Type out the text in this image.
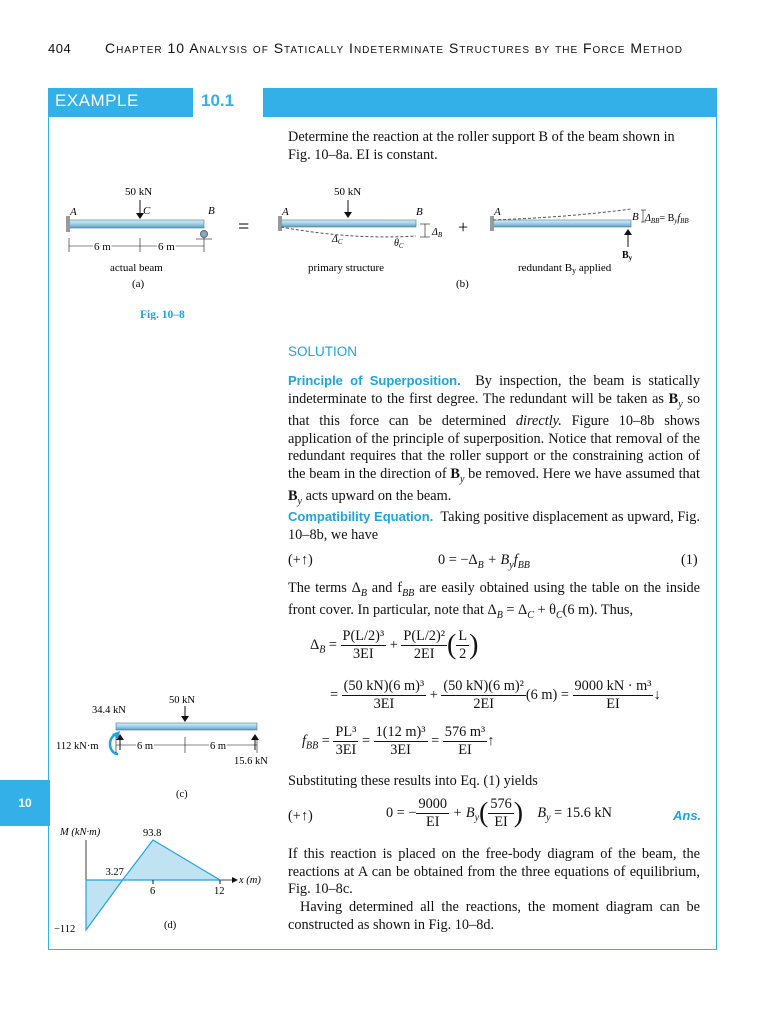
404 Chapter 10 Analysis of Statically Indeterminate Structures by the Force Method
EXAMPLE	10.1
10
Determine the reaction at the roller support B of the beam shown in Fig. 10–8a. EI is constant.
50 kN
A	C	B
6 m	6 m
actual beam
(a)
=
50 kN
A	B
$\Delta_C$	$\theta_C$
$\Delta_B$
primary structure
+
A	B $\Delta_{BB}= B_yf_{BB}$
$B_y$
redundant By applied
(b)
Fig. 10–8
34.4 kN
50 kN
112 kN·m	6 m	6 m
15.6 kN
(c)
M (kN·m)
x (m)
−112
3.27
93.8
6	12
(d)
SOLUTION
Principle of Superposition. By inspection, the beam is statically indeterminate to the first degree. The redundant will be taken as $B_y$ so that this force can be determined directly. Figure 10–8b shows application of the principle of superposition. Notice that removal of the redundant requires that the roller support or the constraining action of the beam in the direction of $B_y$ be removed. Here we have assumed that $B_y$ acts upward on the beam.
Compatibility Equation. Taking positive displacement as upward, Fig. 10–8b, we have
(+↑)	$0 = -\Delta_B + B_yf_{BB}$	(1)
The terms $\Delta_B$ and $f_{BB}$ are easily obtained using the table on the inside front cover. In particular, note that $\Delta_B = \Delta_C + \theta_C(6$ m). Thus,
$\Delta_B = \frac{\text{P(L/2)³}}{3EI} + \frac{\text{P(L/2)²}}{2EI}$ ( $\frac{L}{2}$ )
= $\frac{\text{(50 kN)(6 m)³}}{3EI} + \frac{\text{(50 kN)(6 m)²}}{2EI} (6$ $m) = \frac{\text{9000 kN · m³}}{EI}$ ↓
$f_{BB} = \frac{\text{PL³}}{3EI} = \frac{\text{1(12 m)³}}{3EI} = \frac{\text{576 m³}}{EI}$ ↑
Substituting these results into Eq. (1) yields
(+↑)	0 = − $\frac{9000}{EI} + B_y( \frac{576}{EI}$ ) $B_y = 15.6$ kN	Ans.
If this reaction is placed on the free-body diagram of the beam, the reactions at A can be obtained from the three equations of equilibrium, Fig. 10–8c.
Having determined all the reactions, the moment diagram can be constructed as shown in Fig. 10–8d.
